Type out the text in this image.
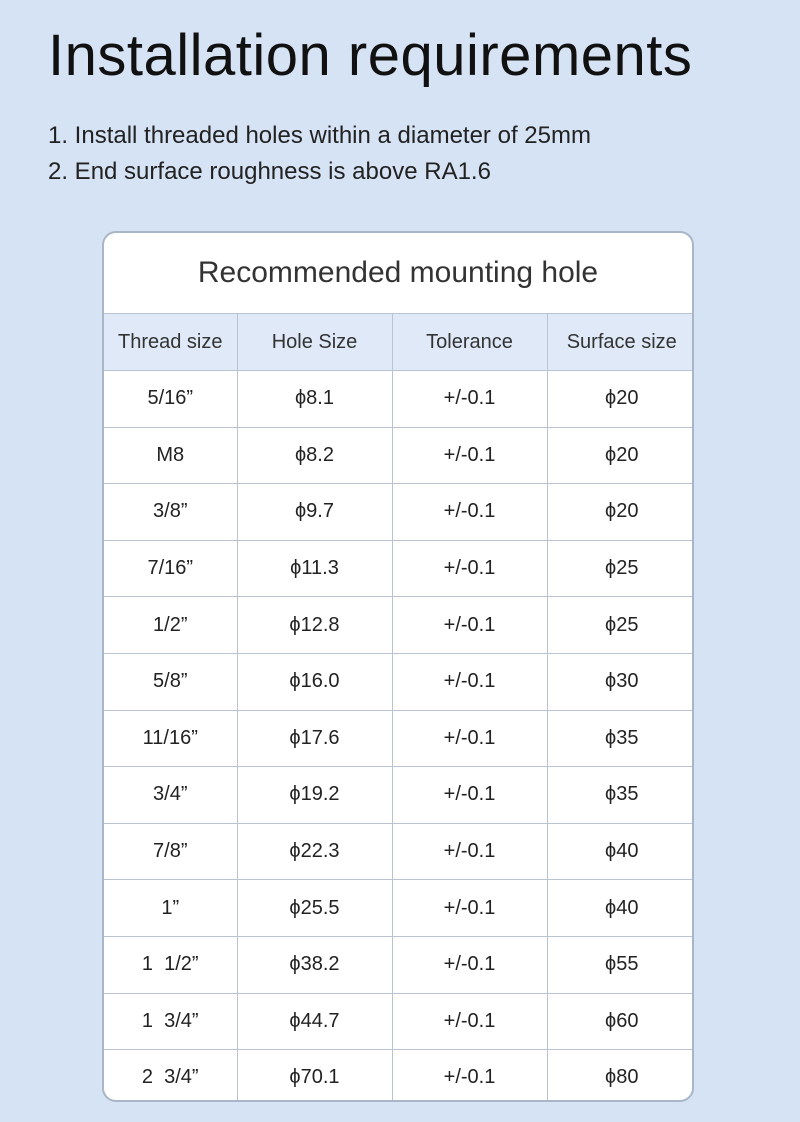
Installation requirements
1. Install threaded holes within a diameter of 25mm
2. End surface roughness is above RA1.6
Recommended mounting hole
Thread size	Hole Size	Tolerance	Surface size
5/16”	ϕ8.1	+/-0.1	ϕ20
M8	ϕ8.2	+/-0.1	ϕ20
3/8”	ϕ9.7	+/-0.1	ϕ20
7/16”	ϕ11.3	+/-0.1	ϕ25
1/2”	ϕ12.8	+/-0.1	ϕ25
5/8”	ϕ16.0	+/-0.1	ϕ30
11/16”	ϕ17.6	+/-0.1	ϕ35
3/4”	ϕ19.2	+/-0.1	ϕ35
7/8”	ϕ22.3	+/-0.1	ϕ40
1”	ϕ25.5	+/-0.1	ϕ40
1  1/2”	ϕ38.2	+/-0.1	ϕ55
1  3/4”	ϕ44.7	+/-0.1	ϕ60
2  3/4”	ϕ70.1	+/-0.1	ϕ80
